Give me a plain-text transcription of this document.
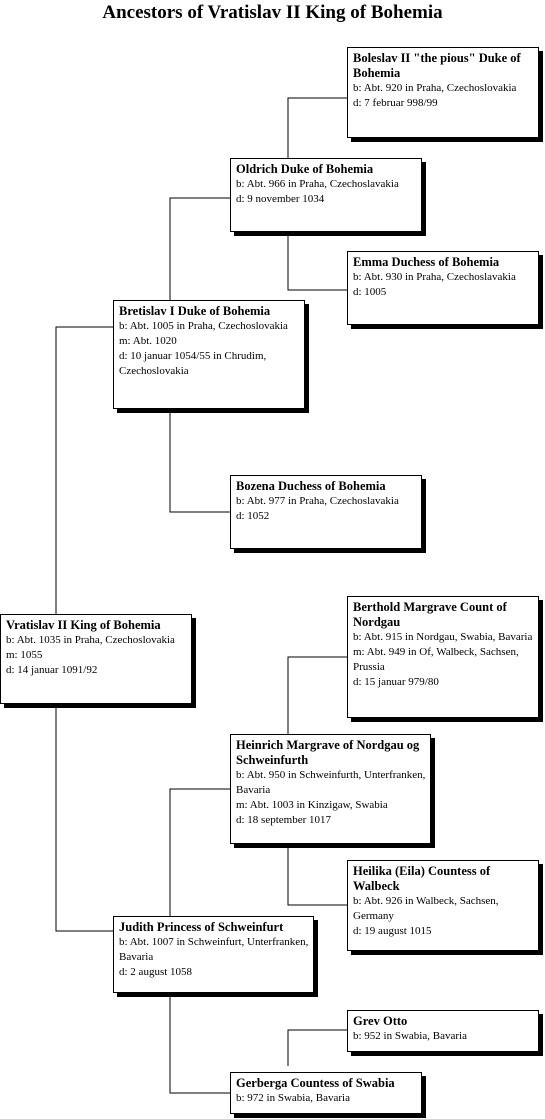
Ancestors of Vratislav II King of Bohemia
Boleslav II "the pious" Duke of Bohemia
b: Abt. 920 in Praha, Czechoslovakia
d: 7 februar 998/99
Oldrich Duke of Bohemia
b: Abt. 966 in Praha, Czechoslavakia
d: 9 november 1034
Emma Duchess of Bohemia
b: Abt. 930 in Praha, Czechoslavakia
d: 1005
Bretislav I Duke of Bohemia
b: Abt. 1005 in Praha, Czechoslovakia
m: Abt. 1020
d: 10 januar 1054/55 in Chrudim, Czechoslovakia
Bozena Duchess of Bohemia
b: Abt. 977 in Praha, Czechoslavakia
d: 1052
Vratislav II King of Bohemia
b: Abt. 1035 in Praha, Czechoslovakia
m: 1055
d: 14 januar 1091/92
Berthold Margrave Count of Nordgau
b: Abt. 915 in Nordgau, Swabia, Bavaria
m: Abt. 949 in Of, Walbeck, Sachsen, Prussia
d: 15 januar 979/80
Heinrich Margrave of Nordgau og Schweinfurth
b: Abt. 950 in Schweinfurth, Unterfranken, Bavaria
m: Abt. 1003 in Kinzigaw, Swabia
d: 18 september 1017
Heilika (Eila) Countess of Walbeck
b: Abt. 926 in Walbeck, Sachsen, Germany
d: 19 august 1015
Judith Princess of Schweinfurt
b: Abt. 1007 in Schweinfurt, Unterfranken, Bavaria
d: 2 august 1058
Grev Otto
b: 952 in Swabia, Bavaria
Gerberga Countess of Swabia
b: 972 in Swabia, Bavaria
